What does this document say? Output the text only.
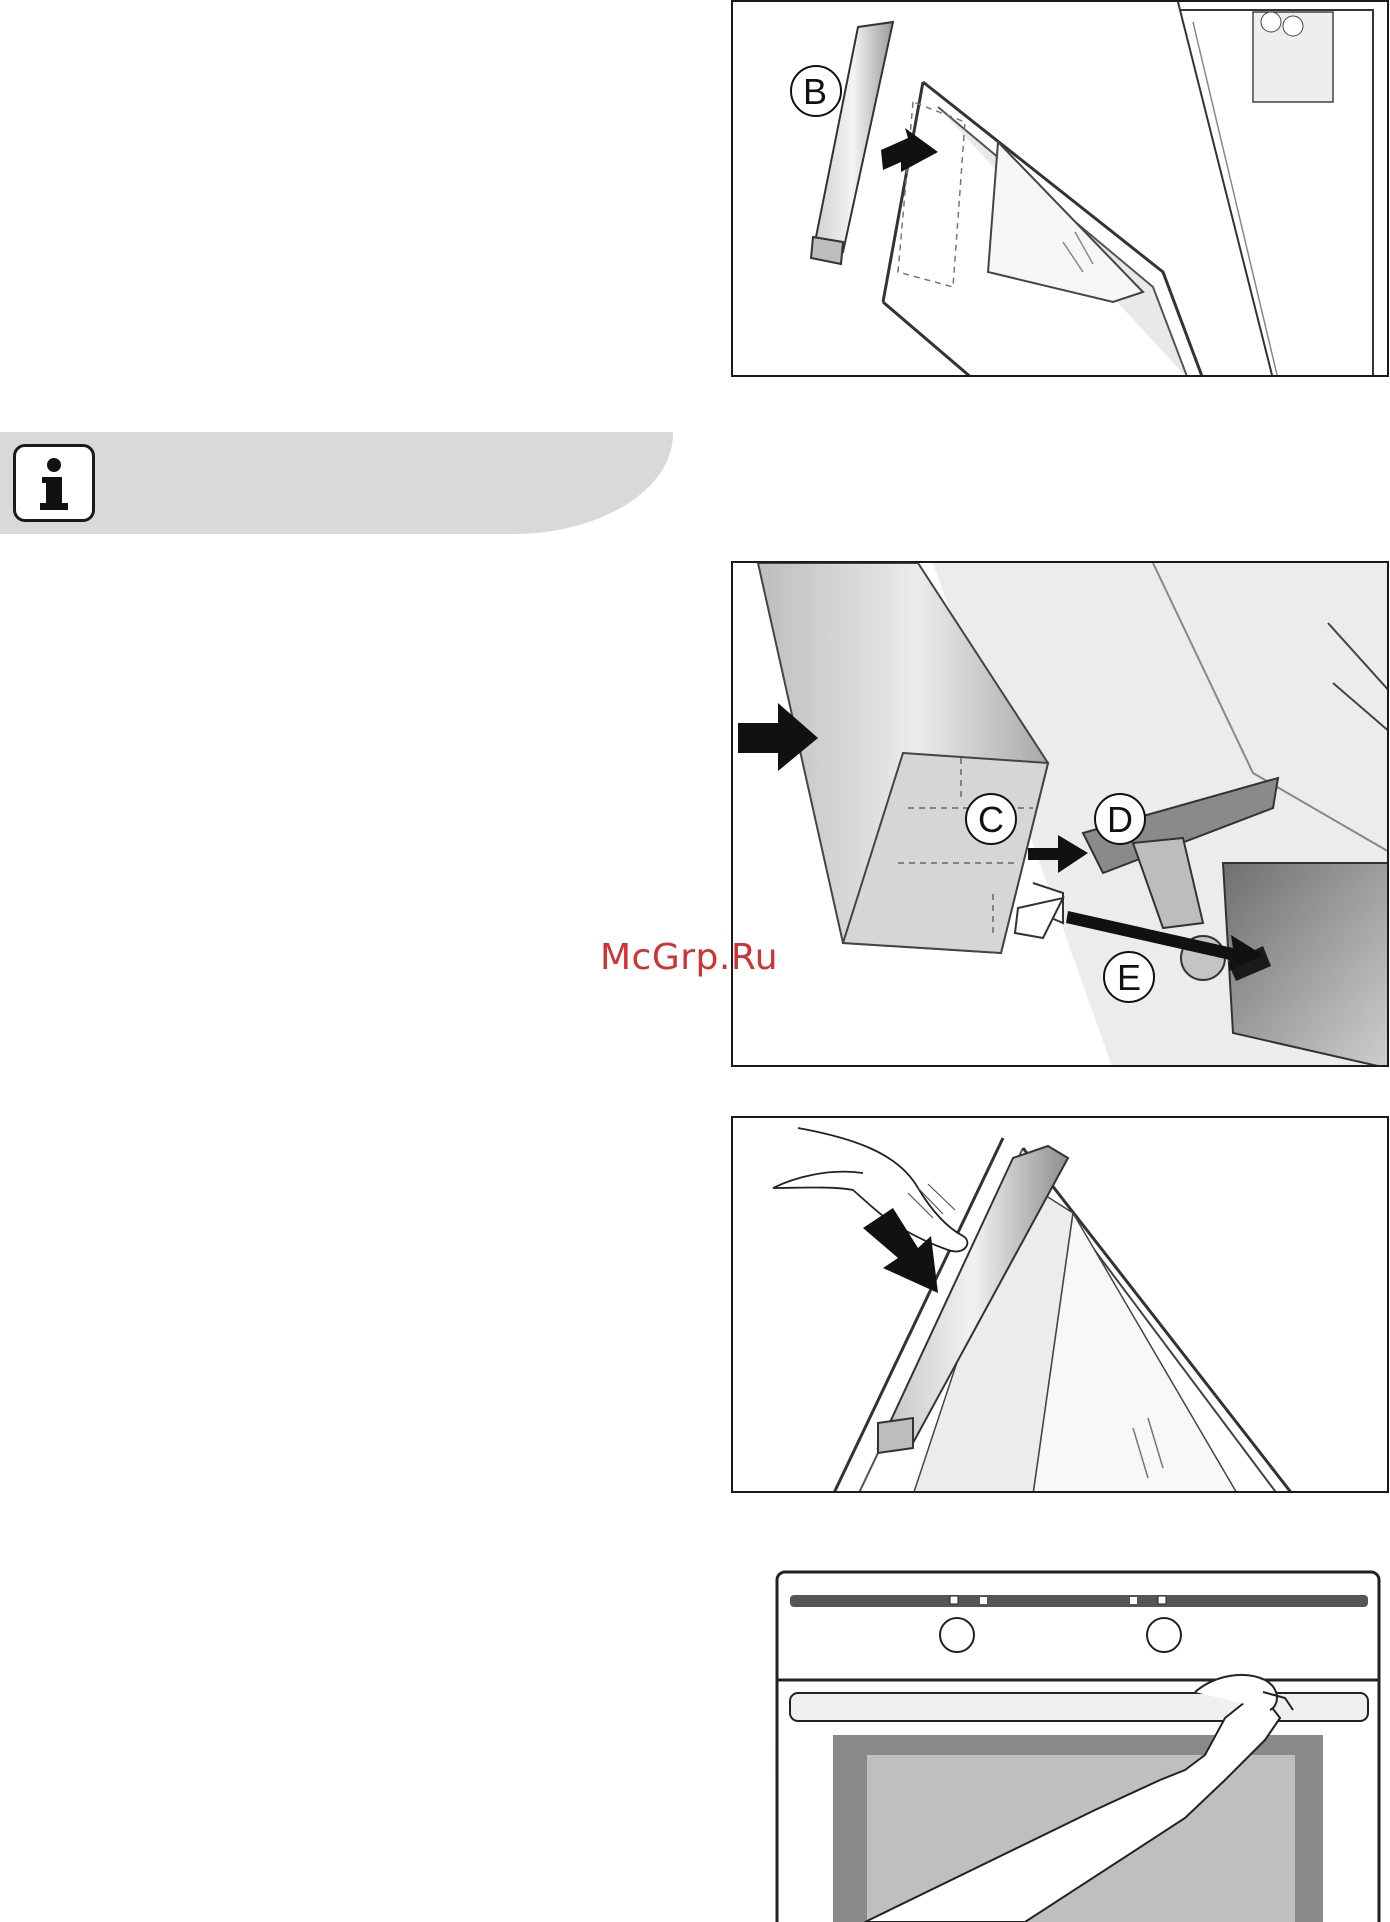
B
C	D
E
McGrp.Ru
